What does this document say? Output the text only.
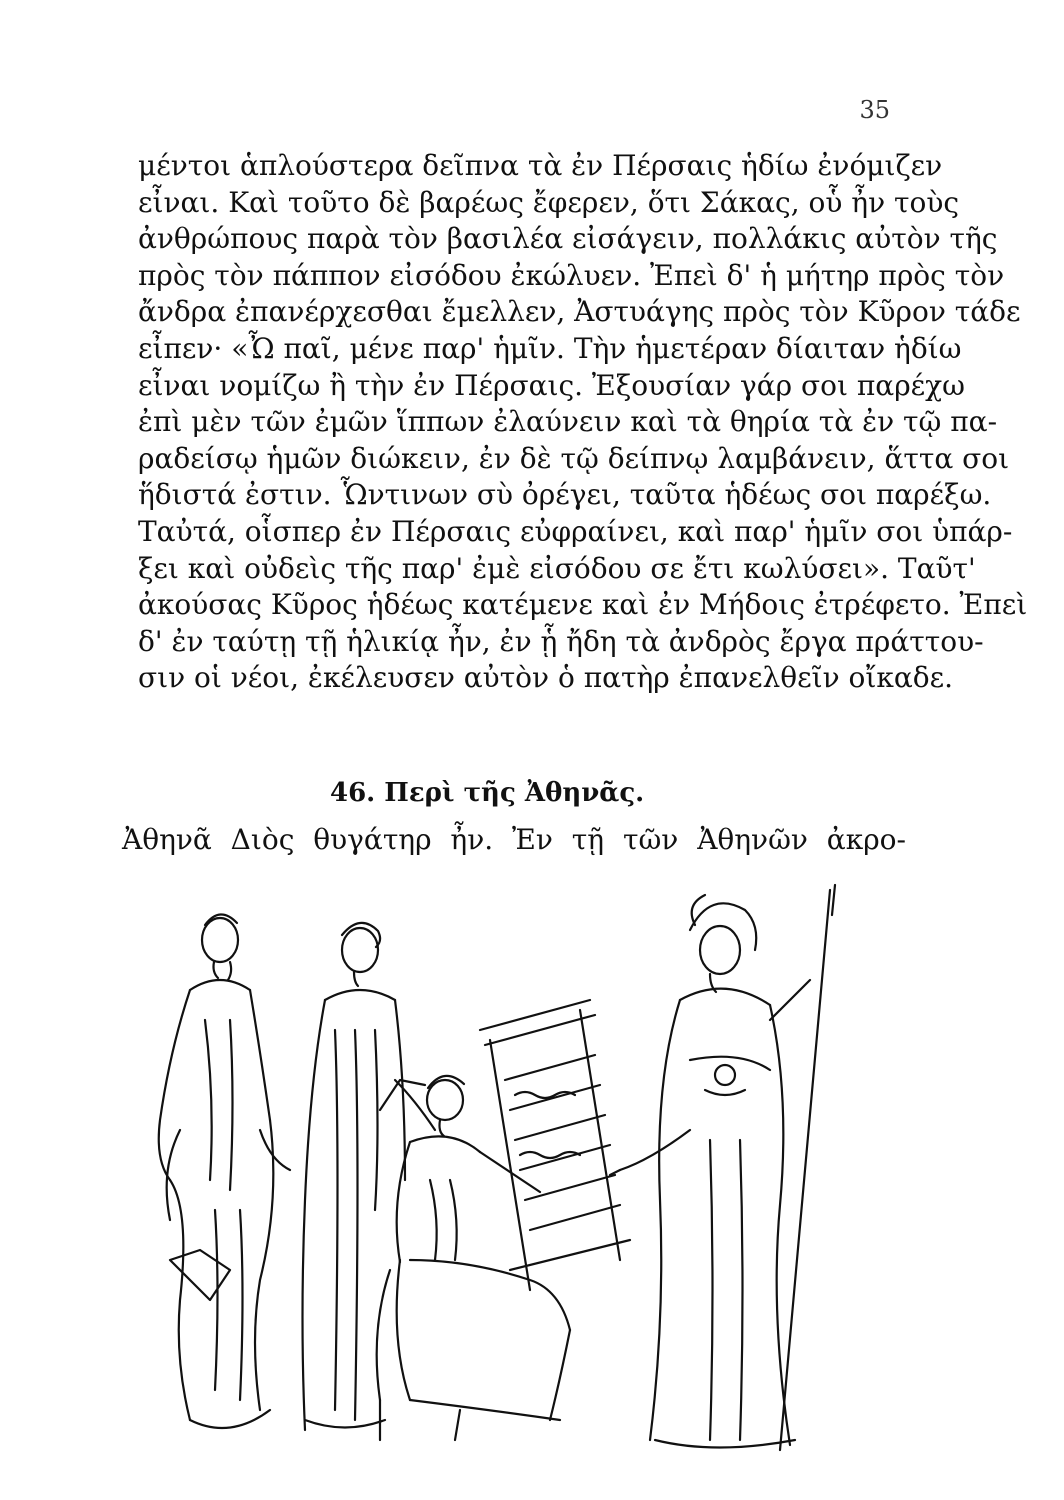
35
μέντοι ἁπλούστερα δεῖπνα τὰ ἐν Πέρσαις ἡδίω ἐνόμιζεν
εἶναι. Καὶ τοῦτο δὲ βαρέως ἔφερεν, ὅτι Σάκας, οὗ ἦν τοὺς
ἀνθρώπους παρὰ τὸν βασιλέα εἰσάγειν, πολλάκις αὐτὸν τῆς
πρὸς τὸν πάππον εἰσόδου ἐκώλυεν. Ἐπεὶ δ' ἡ μήτηρ πρὸς τὸν
ἄνδρα ἐπανέρχεσθαι ἔμελλεν, Ἀστυάγης πρὸς τὸν Κῦρον τάδε
εἶπεν· «Ὦ παῖ, μένε παρ' ἡμῖν. Τὴν ἡμετέραν δίαιταν ἡδίω
εἶναι νομίζω ἢ τὴν ἐν Πέρσαις. Ἐξουσίαν γάρ σοι παρέχω
ἐπὶ μὲν τῶν ἐμῶν ἵππων ἐλαύνειν καὶ τὰ θηρία τὰ ἐν τῷ πα-
ραδείσῳ ἡμῶν διώκειν, ἐν δὲ τῷ δείπνῳ λαμβάνειν, ἅττα σοι
ἥδιστά ἐστιν. Ὧντινων σὺ ὀρέγει, ταῦτα ἡδέως σοι παρέξω.
Ταὐτά, οἷσπερ ἐν Πέρσαις εὐφραίνει, καὶ παρ' ἡμῖν σοι ὑπάρ-
ξει καὶ οὐδεὶς τῆς παρ' ἐμὲ εἰσόδου σε ἔτι κωλύσει». Ταῦτ'
ἀκούσας Κῦρος ἡδέως κατέμενε καὶ ἐν Μήδοις ἐτρέφετο. Ἐπεὶ
δ' ἐν ταύτῃ τῇ ἡλικίᾳ ἦν, ἐν ᾗ ἤδη τὰ ἀνδρὸς ἔργα πράττου-
σιν οἱ νέοι, ἐκέλευσεν αὐτὸν ὁ πατὴρ ἐπανελθεῖν οἴκαδε.
46. Περὶ τῆς Ἀθηνᾶς.
Ἀθηνᾶ Διὸς θυγάτηρ ἦν. Ἐν τῇ τῶν Ἀθηνῶν ἀκρο-
